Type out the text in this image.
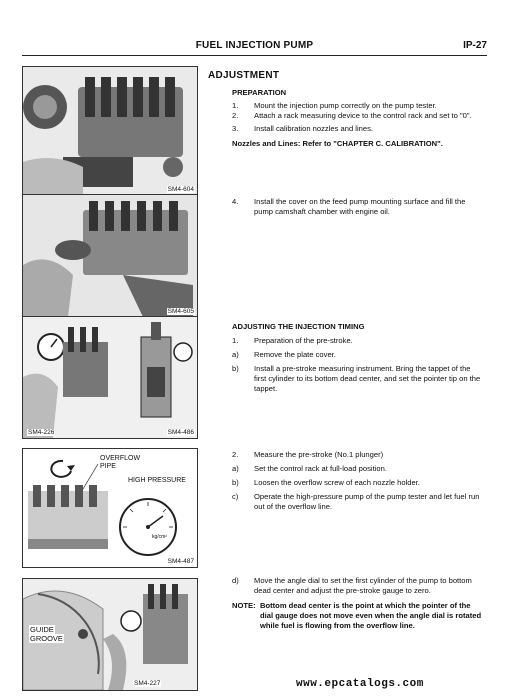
FUEL INJECTION PUMP	IP-27
SM4-604
SM4-605
SM4-226	SM4-486
OVERFLOW
PIPE
HIGH PRESSURE
kg/cm²
SM4-487
GUIDE
GROOVE
SM4-227
ADJUSTMENT
PREPARATION
1. Mount the injection pump correctly on the pump tester.
2. Attach a rack measuring device to the control rack and set to "0".
3. Install calibration nozzles and lines.
Nozzles and Lines: Refer to "CHAPTER C. CALIBRATION".
4. Install the cover on the feed pump mounting surface and fill the pump camshaft chamber with engine oil.
ADJUSTING THE INJECTION TIMING
1. Preparation of the pre-stroke.
a) Remove the plate cover.
b) Install a pre-stroke measuring instrument. Bring the tappet of the first cylinder to its bottom dead center, and set the pointer tip on the tappet.
2. Measure the pre-stroke (No.1 plunger)
a) Set the control rack at full-load position.
b) Loosen the overflow screw of each nozzle holder.
c) Operate the high-pressure pump of the pump tester and let fuel run out of the overflow line.
d) Move the angle dial to set the first cylinder of the pump to bottom dead center and adjust the pre-stroke gauge to zero.
NOTE: Bottom dead center is the point at which the pointer of the dial gauge does not move even when the angle dial is rotated while fuel is flowing from the overflow line.
www.epcatalogs.com
